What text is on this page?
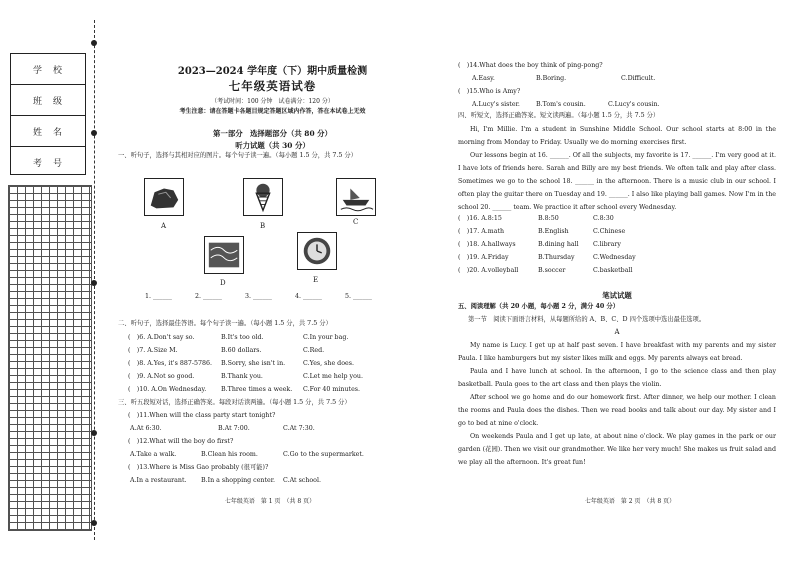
学　校
班　级
姓　名
考　号
2023—2024 学年度（下）期中质量检测
七年级英语试卷
（考试时间：100 分钟　试卷满分：120 分）
考生注意：请在答题卡各题目规定答题区域内作答，答在本试卷上无效
第一部分　选择题部分（共 80 分）
听力试题（共 30 分）
一、听句子，选择与其相对应的图片。每个句子读一遍。（每小题 1.5 分，共 7.5 分）
A	B	C
D	E
1. ______	2. ______	3. ______	4. ______	5. ______
二、听句子，选择最佳答语。每个句子读一遍。（每小题 1.5 分，共 7.5 分）
(　)6. A.Don't say so.	B.It's too old.	C.In your bag.
(　)7. A.Size M.	B.60 dollars.	C.Red.
(　)8. A.Yes, it's 887-5786. B.Sorry, she isn't in.	C.Yes, she does.
(　)9. A.Not so good.	B.Thank you.	C.Let me help you.
(　)10. A.On Wednesday. B.Three times a week. C.For 40 minutes.
三、听五段短对话，选择正确答案。每段对话读两遍。（每小题 1.5 分，共 7.5 分）
(　)11.When will the class party start tonight?
A.At 6:30.	B.At 7:00.	C.At 7:30.
(　)12.What will the boy do first?
A.Take a walk.	B.Clean his room.	C.Go to the supermarket.
(　)13.Where is Miss Gao probably (很可能)?
A.In a restaurant. B.In a shopping center. C.At school.
七年级英语　第 1 页　（共 8 页）
(　)14.What does the boy think of ping-pong?
A.Easy.	B.Boring.	C.Difficult.
(　)15.Who is Amy?
A.Lucy's sister.	B.Tom's cousin.	C.Lucy's cousin.
四、听短文，选择正确答案。短文读两遍。（每小题 1.5 分，共 7.5 分）
Hi, I'm Millie. I'm a student in Sunshine Middle School. Our school starts at 8:00 in the morning from Monday to Friday. Usually we do morning exercises first.
Our lessons begin at 16. ______. Of all the subjects, my favorite is 17. ______. I'm very good at it. I have lots of friends here. Sarah and Billy are my best friends. We often talk and play after class. Sometimes we go to the school 18. ______ in the afternoon. There is a music club in our school. I often play the guitar there on Tuesday and 19. ______. I also like playing ball games. Now I'm in the school 20. ______ team. We practice it after school every Wednesday.
(　)16. A.8:15	B.8:50	C.8:30
(　)17. A.math	B.English	C.Chinese
(　)18. A.hallways	B.dining hall C.library
(　)19. A.Friday	B.Thursday	C.Wednesday
(　)20. A.volleyball	B.soccer	C.basketball
笔试试题
五、阅读理解（共 20 小题，每小题 2 分，满分 40 分）
第一节　阅读下面语言材料，从每题所给的 A、B、C、D 四个选项中选出最佳选项。
A
My name is Lucy. I get up at half past seven. I have breakfast with my parents and my sister Paula. I like hamburgers but my sister likes milk and eggs. My parents always eat bread.
Paula and I have lunch at school. In the afternoon, I go to the science class and then play basketball. Paula goes to the art class and then plays the violin.
After school we go home and do our homework first. After dinner, we help our mother. I clean the rooms and Paula does the dishes. Then we read books and talk about our day. My sister and I go to bed at nine o'clock.
On weekends Paula and I get up late, at about nine o'clock. We play games in the park or our garden (花园). Then we visit our grandmother. We like her very much! She makes us fruit salad and we play all the afternoon. It's great fun!
七年级英语　第 2 页　（共 8 页）
